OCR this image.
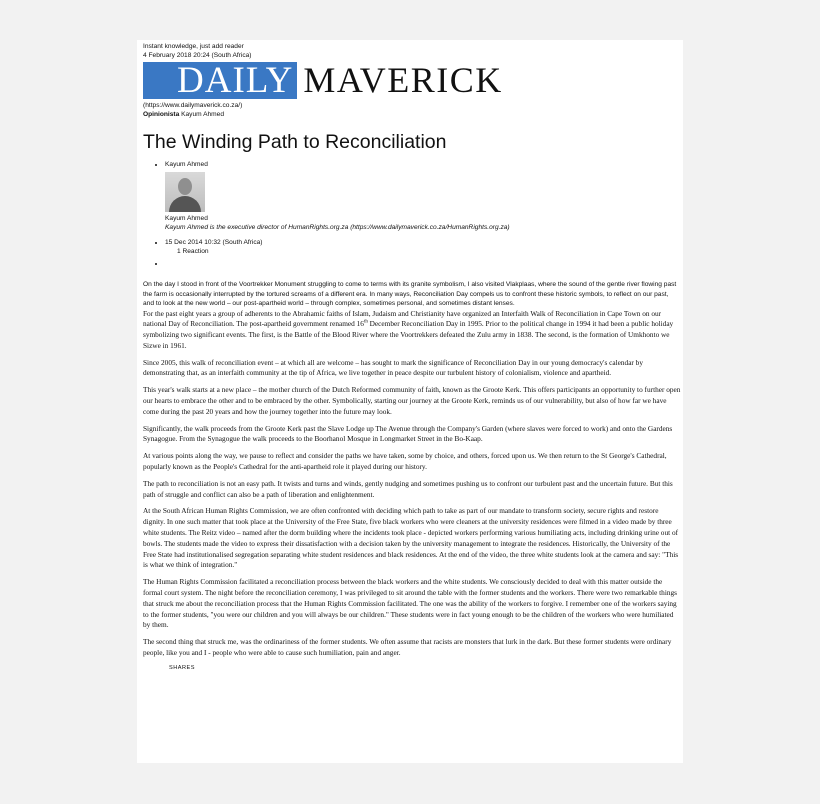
Instant knowledge, just add reader
4 February 2018 20:24 (South Africa)
DAILY MAVERICK
(https://www.dailymaverick.co.za/)
Opinionista Kayum Ahmed
The Winding Path to Reconciliation
• Kayum Ahmed
Kayum Ahmed
Kayum Ahmed is the executive director of HumanRights.org.za (https://www.dailymaverick.co.za/HumanRights.org.za)
• 15 Dec 2014 10:32 (South Africa)
1 Reaction
•

On the day I stood in front of the Voortrekker Monument struggling to come to terms with its granite symbolism, I also visited Vlakplaas, where the sound of the gentle river flowing past the farm is occasionally interrupted by the tortured screams of a different era. In many ways, Reconciliation Day compels us to confront these historic symbols, to reflect on our past, and to look at the new world – our post-apartheid world – through complex, sometimes personal, and sometimes distant lenses.

For the past eight years a group of adherents to the Abrahamic faiths of Islam, Judaism and Christianity have organized an Interfaith Walk of Reconciliation in Cape Town on our national Day of Reconciliation. The post-apartheid government renamed 16th December Reconciliation Day in 1995. Prior to the political change in 1994 it had been a public holiday symbolizing two significant events. The first, is the Battle of the Blood River where the Voortrekkers defeated the Zulu army in 1838. The second, is the formation of Umkhonto we Sizwe in 1961.

Since 2005, this walk of reconciliation event – at which all are welcome – has sought to mark the significance of Reconciliation Day in our young democracy's calendar by demonstrating that, as an interfaith community at the tip of Africa, we live together in peace despite our turbulent history of colonialism, violence and apartheid.

This year's walk starts at a new place – the mother church of the Dutch Reformed community of faith, known as the Groote Kerk. This offers participants an opportunity to further open our hearts to embrace the other and to be embraced by the other. Symbolically, starting our journey at the Groote Kerk, reminds us of our vulnerability, but also of how far we have come during the past 20 years and how the journey together into the future may look.

Significantly, the walk proceeds from the Groote Kerk past the Slave Lodge up The Avenue through the Company's Garden (where slaves were forced to work) and onto the Gardens Synagogue. From the Synagogue the walk proceeds to the Boorhanol Mosque in Longmarket Street in the Bo-Kaap.

At various points along the way, we pause to reflect and consider the paths we have taken, some by choice, and others, forced upon us. We then return to the St George's Cathedral, popularly known as the People's Cathedral for the anti-apartheid role it played during our history.

The path to reconciliation is not an easy path. It twists and turns and winds, gently nudging and sometimes pushing us to confront our turbulent past and the uncertain future. But this path of struggle and conflict can also be a path of liberation and enlightenment.

At the South African Human Rights Commission, we are often confronted with deciding which path to take as part of our mandate to transform society, secure rights and restore dignity. In one such matter that took place at the University of the Free State, five black workers who were cleaners at the university residences were filmed in a video made by three white students. The Reitz video – named after the dorm building where the incidents took place - depicted workers performing various humiliating acts, including drinking urine out of bowls. The students made the video to express their dissatisfaction with a decision taken by the university management to integrate the residences. Historically, the University of the Free State had institutionalised segregation separating white student residences and black residences. At the end of the video, the three white students look at the camera and say: "This is what we think of integration."

The Human Rights Commission facilitated a reconciliation process between the black workers and the white students. We consciously decided to deal with this matter outside the formal court system. The night before the reconciliation ceremony, I was privileged to sit around the table with the former students and the workers. There were two remarkable things that struck me about the reconciliation process that the Human Rights Commission facilitated. The one was the ability of the workers to forgive. I remember one of the workers saying to the former students, "you were our children and you will always be our children." These students were in fact young enough to be the children of the workers who were humiliated by them.

The second thing that struck me, was the ordinariness of the former students. We often assume that racists are monsters that lurk in the dark. But these former students were ordinary people, like you and I - people who were able to cause such humiliation, pain and anger.

SHARES
